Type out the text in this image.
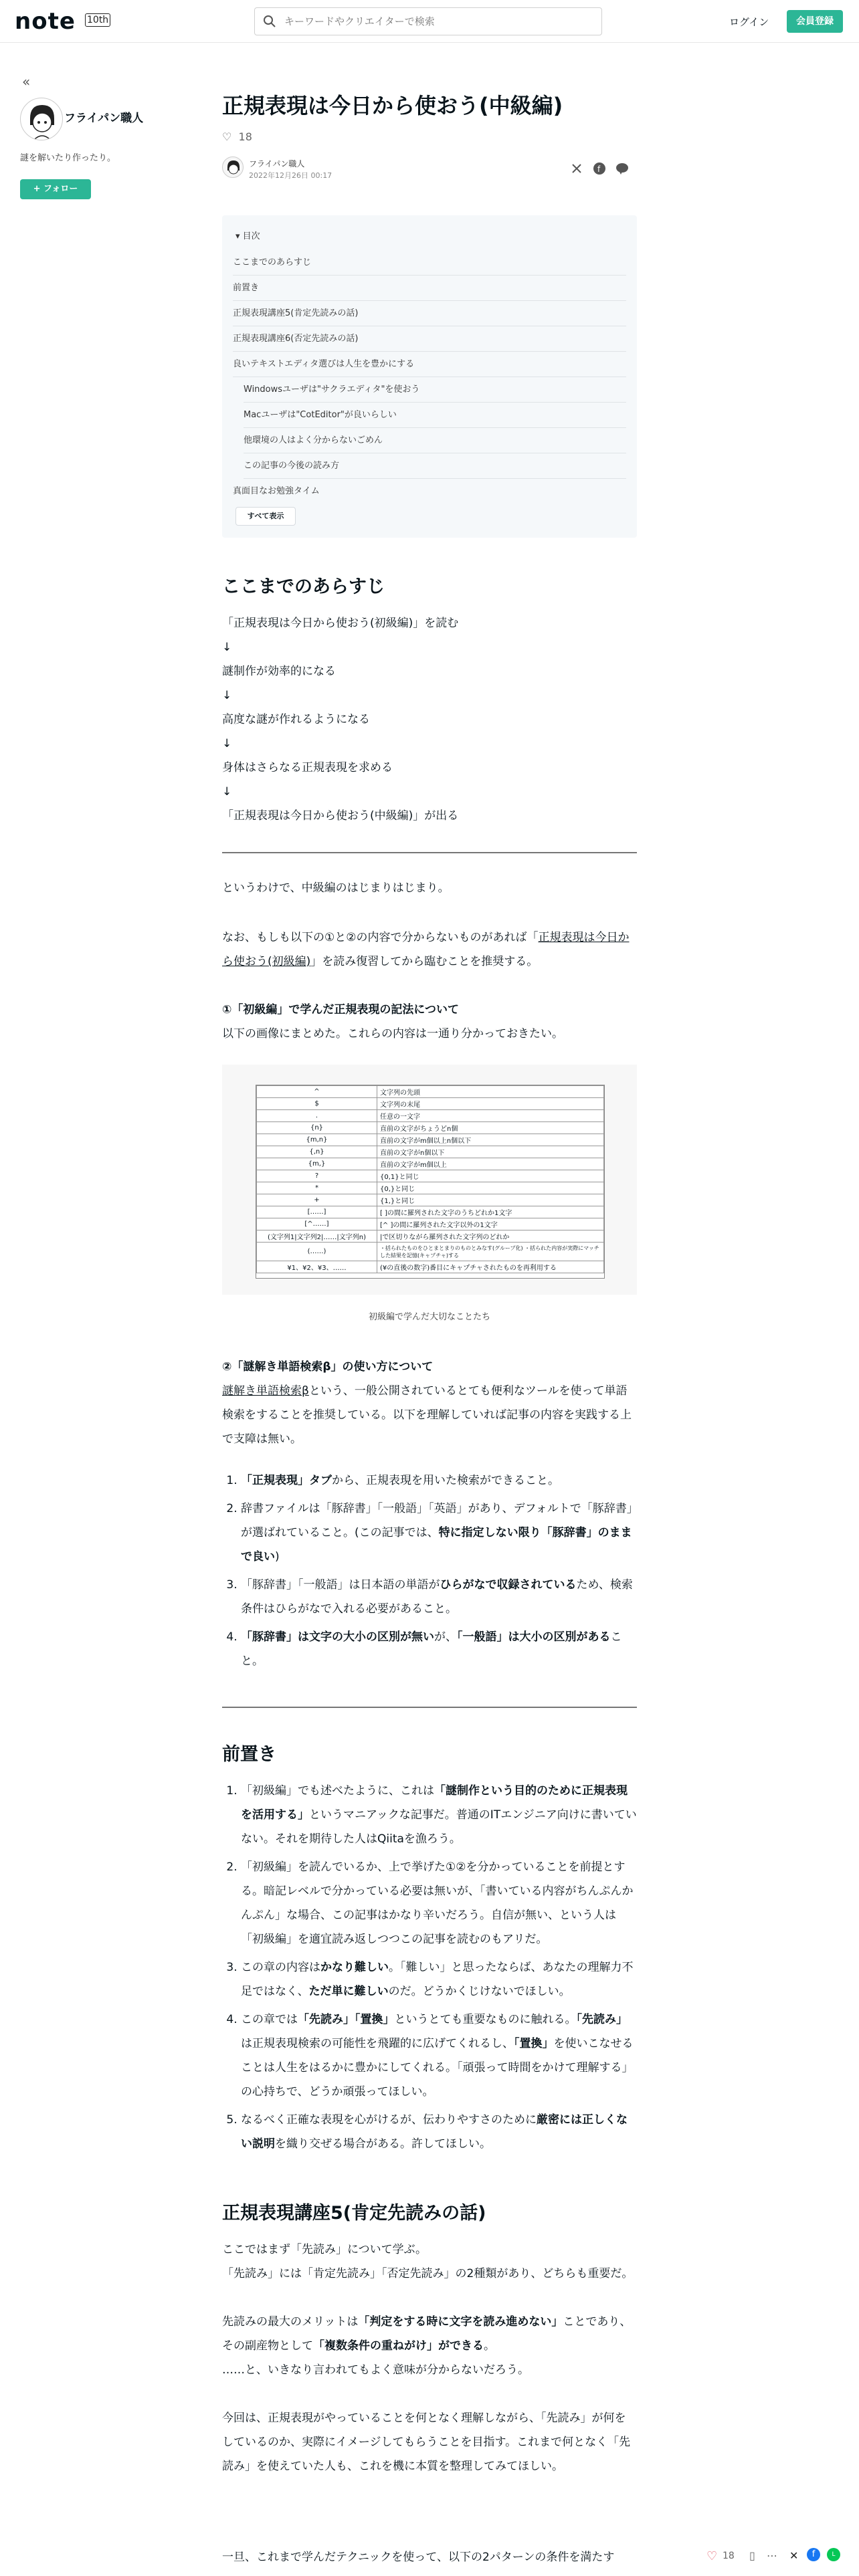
note 10th
キーワードやクリエイターで検索	ログイン	会員登録
«
フライパン職人
謎を解いたり作ったり。
+ フォロー
正規表現は今日から使おう(中級編)
♡ 18
フライパン職人
2022年12月26日 00:17
f
▾ 目次
ここまでのあらすじ
前置き
正規表現講座5(肯定先読みの話)
正規表現講座6(否定先読みの話)
良いテキストエディタ選びは人生を豊かにする
Windowsユーザは"サクラエディタ"を使おう
Macユーザは"CotEditor"が良いらしい
他環境の人はよく分からないごめん
この記事の今後の読み方
真面目なお勉強タイム
すべて表示
ここまでのあらすじ
「正規表現は今日から使おう(初級編)」を読む
↓
謎制作が効率的になる
↓
高度な謎が作れるようになる
↓
身体はさらなる正規表現を求める
↓
「正規表現は今日から使おう(中級編)」が出る
というわけで、中級編のはじまりはじまり。
なお、もしも以下の①と②の内容で分からないものがあれば「正規表現は今日から使おう(初級編)」を読み復習してから臨むことを推奨する。
①「初級編」で学んだ正規表現の記法について
以下の画像にまとめた。これらの内容は一通り分かっておきたい。
^	文字列の先頭
$	文字列の末尾
.	任意の一文字
{n}	直前の文字がちょうどn個
{m,n}	直前の文字がm個以上n個以下
{,n}	直前の文字がn個以下
{m,}	直前の文字がm個以上
?	{0,1}と同じ
*	{0,}と同じ
+	{1,}と同じ
[……]	[ ]の間に羅列された文字のうちどれか1文字
[^……]	[^ ]の間に羅列された文字以外の1文字
(文字列1|文字列2|……|文字列n)	|で区切りながら羅列された文字列のどれか
(……)	・括られたものをひとまとまりのものとみなす(グループ化) ・括られた内容が実際にマッチした結果を記憶(キャプチャ)する
¥1、¥2、¥3、……	(¥の直後の数字)番目にキャプチャされたものを再利用する
初級編で学んだ大切なことたち
②「謎解き単語検索β」の使い方について
謎解き単語検索βという、一般公開されているとても便利なツールを使って単語検索をすることを推奨している。以下を理解していれば記事の内容を実践する上で支障は無い。
1. 「正規表現」タブから、正規表現を用いた検索ができること。
2. 辞書ファイルは「豚辞書」「一般語」「英語」があり、デフォルトで「豚辞書」が選ばれていること。(この記事では、特に指定しない限り「豚辞書」のままで良い)
3. 「豚辞書」「一般語」は日本語の単語がひらがなで収録されているため、検索条件はひらがなで入れる必要があること。
4. 「豚辞書」は文字の大小の区別が無いが、「一般語」は大小の区別があること。
前置き
1. 「初級編」でも述べたように、これは「謎制作という目的のために正規表現を活用する」というマニアックな記事だ。普通のITエンジニア向けに書いていない。それを期待した人はQiitaを漁ろう。
2. 「初級編」を読んでいるか、上で挙げた①②を分かっていることを前提とする。暗記レベルで分かっている必要は無いが、「書いている内容がちんぷんかんぷん」な場合、この記事はかなり辛いだろう。自信が無い、という人は「初級編」を適宜読み返しつつこの記事を読むのもアリだ。
3. この章の内容はかなり難しい。「難しい」と思ったならば、あなたの理解力不足ではなく、ただ単に難しいのだ。どうかくじけないでほしい。
4. この章では「先読み」「置換」というとても重要なものに触れる。「先読み」は正規表現検索の可能性を飛躍的に広げてくれるし、「置換」を使いこなせることは人生をはるかに豊かにしてくれる。「頑張って時間をかけて理解する」の心持ちで、どうか頑張ってほしい。
5. なるべく正確な表現を心がけるが、伝わりやすさのために厳密には正しくない説明を織り交ぜる場合がある。許してほしい。
正規表現講座5(肯定先読みの話)
ここではまず「先読み」について学ぶ。
「先読み」には「肯定先読み」「否定先読み」の2種類があり、どちらも重要だ。
先読みの最大のメリットは「判定をする時に文字を読み進めない」ことであり、その副産物として「複数条件の重ねがけ」ができる。
……と、いきなり言われてもよく意味が分からないだろう。
今回は、正規表現がやっていることを何となく理解しながら、「先読み」が何をしているのか、実際にイメージしてもらうことを目指す。これまで何となく「先読み」を使えていた人も、これを機に本質を整理してみてほしい。
一旦、これまで学んだテクニックを使って、以下の2パターンの条件を満たす	♡ 18 ▯ ⋯ ✕	f	L
